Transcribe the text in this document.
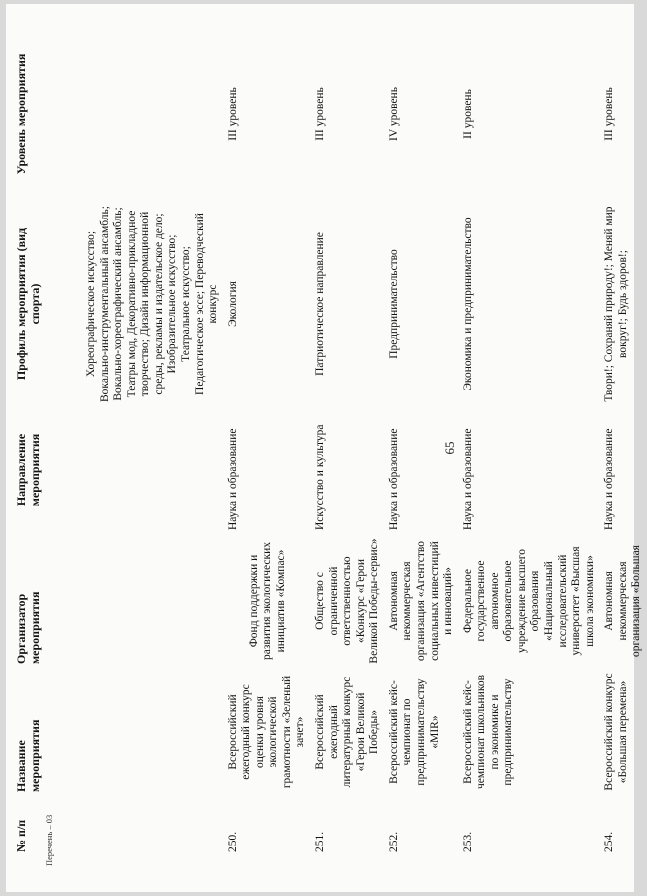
№ п/п	Название мероприятия	Организатор мероприятия	Направление мероприятия	Профиль мероприятия (вид спорта)	Уровень мероприятия
				Хореографическое искусство; Вокально-инструментальный ансамбль; Вокально-хореографический ансамбль; Театры мод, Декоративно-прикладное творчество; Дизайн информационной среды, рекламы и издательское дело; Изобразительное искусство; Театральное искусство; Педагогическое эссе; Переводческий конкурс	
250.	Всероссийский ежегодный конкурс оценки уровня экологической грамотности «Зеленый зачет»	Фонд поддержки и развития экологических инициатив «Компас»	Наука и образование	Экология	III уровень
251.	Всероссийский ежегодный литературный конкурс «Герои Великой Победы»	Общество с ограниченной ответственностью «Конкурс «Герои Великой Победы-сервис»	Искусство и культура	Патриотическое направление	III уровень
252.	Всероссийский кейс-чемпионат по предпринимательству «MIR»	Автономная некоммерческая организация «Агентство социальных инвестиций и инноваций»	Наука и образование	Предпринимательство	IV уровень
253.	Всероссийский кейс-чемпионат школьников по экономике и предпринимательству	Федеральное государственное автономное образовательное учреждение высшего образования «Национальный исследовательский университет «Высшая школа экономики»	Наука и образование	Экономика и предпринимательство	II уровень
254.	Всероссийский конкурс «Большая перемена»	Автономная некоммерческая организация «Большая	Наука и образование	Твори!; Сохраняй природу!; Меняй мир вокруг!; Будь здоров!;	III уровень
65
Перечень – 03
